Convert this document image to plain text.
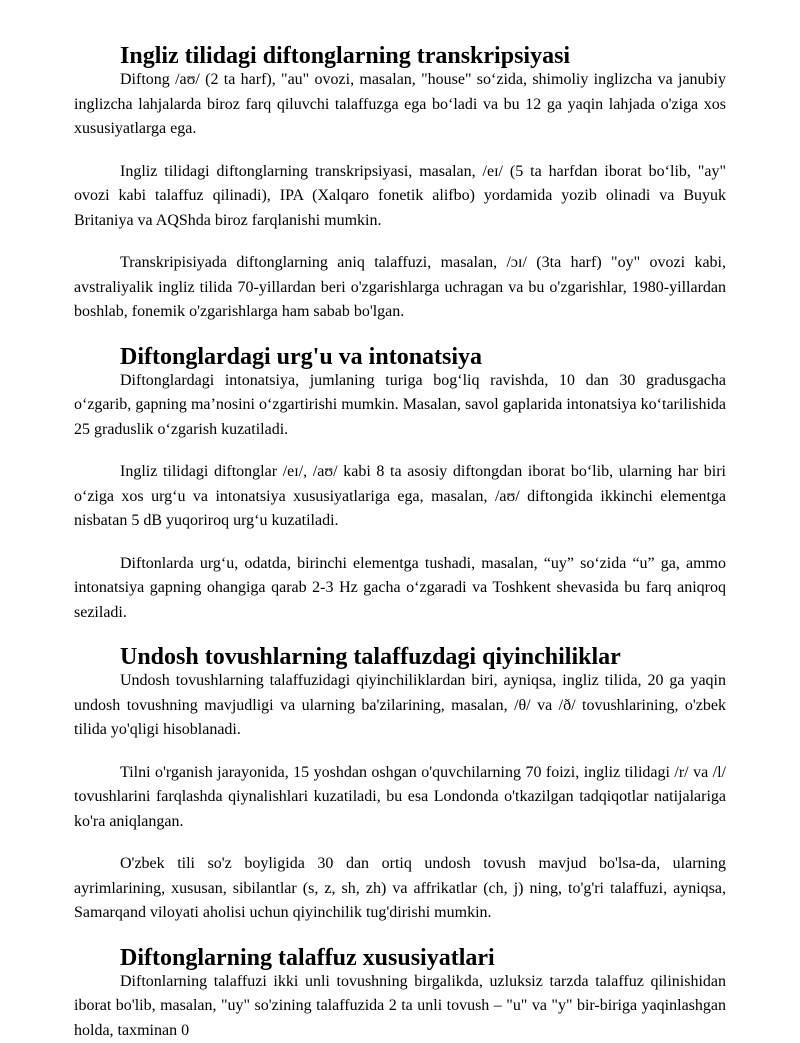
Ingliz tilidagi diftonglarning transkripsiyasi

Diftong /aʊ/ (2 ta harf), "au" ovozi, masalan, "house" so‘zida, shimoliy inglizcha va janubiy inglizcha lahjalarda biroz farq qiluvchi talaffuzga ega bo‘ladi va bu 12 ga yaqin lahjada o'ziga xos xususiyatlarga ega.

Ingliz tilidagi diftonglarning transkripsiyasi, masalan, /eɪ/ (5 ta harfdan iborat bo‘lib, "ay" ovozi kabi talaffuz qilinadi), IPA (Xalqaro fonetik alifbo) yordamida yozib olinadi va Buyuk Britaniya va AQShda biroz farqlanishi mumkin.

Transkripisiyada diftonglarning aniq talaffuzi, masalan, /ɔɪ/ (3ta harf) "oy" ovozi kabi, avstraliyalik ingliz tilida 70-yillardan beri o'zgarishlarga uchragan va bu o'zgarishlar, 1980-yillardan boshlab, fonemik o'zgarishlarga ham sabab bo'lgan.

Diftonglardagi urg'u va intonatsiya

Diftonglardagi intonatsiya, jumlaning turiga bog‘liq ravishda, 10 dan 30 gradusgacha o‘zgarib, gapning ma’nosini o‘zgartirishi mumkin. Masalan, savol gaplarida intonatsiya ko‘tarilishida 25 graduslik o‘zgarish kuzatiladi.

Ingliz tilidagi diftonglar /eɪ/, /aʊ/ kabi 8 ta asosiy diftongdan iborat bo‘lib, ularning har biri o‘ziga xos urg‘u va intonatsiya xususiyatlariga ega, masalan, /aʊ/ diftongida ikkinchi elementga nisbatan 5 dB yuqoriroq urg‘u kuzatiladi.

Diftonlarda urg‘u, odatda, birinchi elementga tushadi, masalan, “uy” so‘zida “u” ga, ammo intonatsiya gapning ohangiga qarab 2-3 Hz gacha o‘zgaradi va Toshkent shevasida bu farq aniqroq seziladi.

Undosh tovushlarning talaffuzdagi qiyinchiliklar

Undosh tovushlarning talaffuzidagi qiyinchiliklardan biri, ayniqsa, ingliz tilida, 20 ga yaqin undosh tovushning mavjudligi va ularning ba'zilarining, masalan, /θ/ va /ð/ tovushlarining, o'zbek tilida yo'qligi hisoblanadi.

Tilni o'rganish jarayonida, 15 yoshdan oshgan o'quvchilarning 70 foizi, ingliz tilidagi /r/ va /l/ tovushlarini farqlashda qiynalishlari kuzatiladi, bu esa Londonda o'tkazilgan tadqiqotlar natijalariga ko'ra aniqlangan.

O'zbek tili so'z boyligida 30 dan ortiq undosh tovush mavjud bo'lsa-da, ularning ayrimlarining, xususan, sibilantlar (s, z, sh, zh) va affrikatlar (ch, j) ning, to'g'ri talaffuzi, ayniqsa, Samarqand viloyati aholisi uchun qiyinchilik tug'dirishi mumkin.

Diftonglarning talaffuz xususiyatlari

Diftonlarning talaffuzi ikki unli tovushning birgalikda, uzluksiz tarzda talaffuz qilinishidan iborat bo'lib, masalan, "uy" so'zining talaffuzida 2 ta unli tovush – "u" va "y" bir-biriga yaqinlashgan holda, taxminan 0
